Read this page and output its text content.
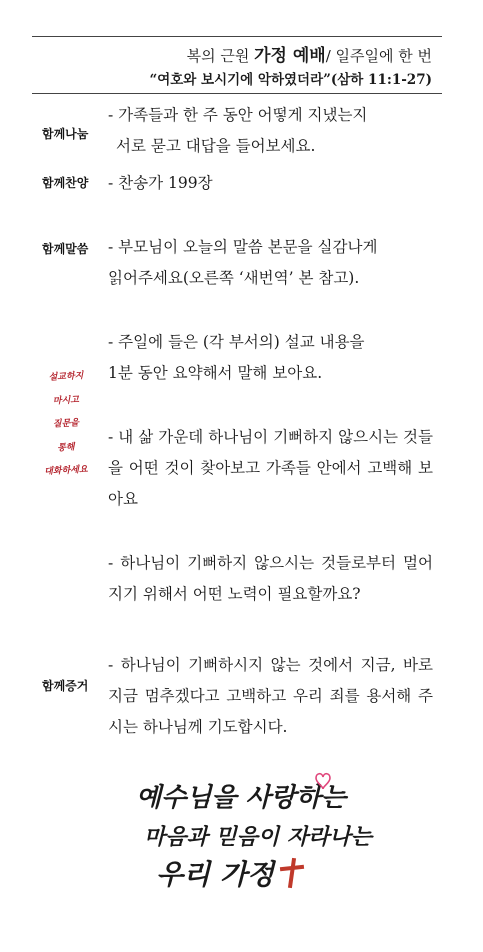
복의 근원 가정 예배/ 일주일에 한 번
“여호와 보시기에 악하였더라”(삼하 11:1-27)
함께나눔
- 가족들과 한 주 동안 어떻게 지냈는지
서로 묻고 대답을 들어보세요.
함께찬양 - 찬송가 199장
함께말씀 - 부모님이 오늘의 말씀 본문을 실감나게
읽어주세요(오른쪽 ‘새번역’ 본 참고).
- 주일에 들은 (각 부서의) 설교 내용을
1분 동안 요약해서 말해 보아요.
설교하지
마시고
질문을
통해
대화하세요
- 내 삶 가운데 하나님이 기뻐하지 않으시는 것들을 어떤 것이 찾아보고 가족들 안에서 고백해 보아요
- 하나님이 기뻐하지 않으시는 것들로부터 멀어지기 위해서 어떤 노력이 필요할까요?
함께증거
- 하나님이 기뻐하시지 않는 것에서 지금, 바로 지금 멈추겠다고 고백하고 우리 죄를 용서해 주시는 하나님께 기도합시다.
예수님을 사랑하는
마음과 믿음이 자라나는
우리 가정
